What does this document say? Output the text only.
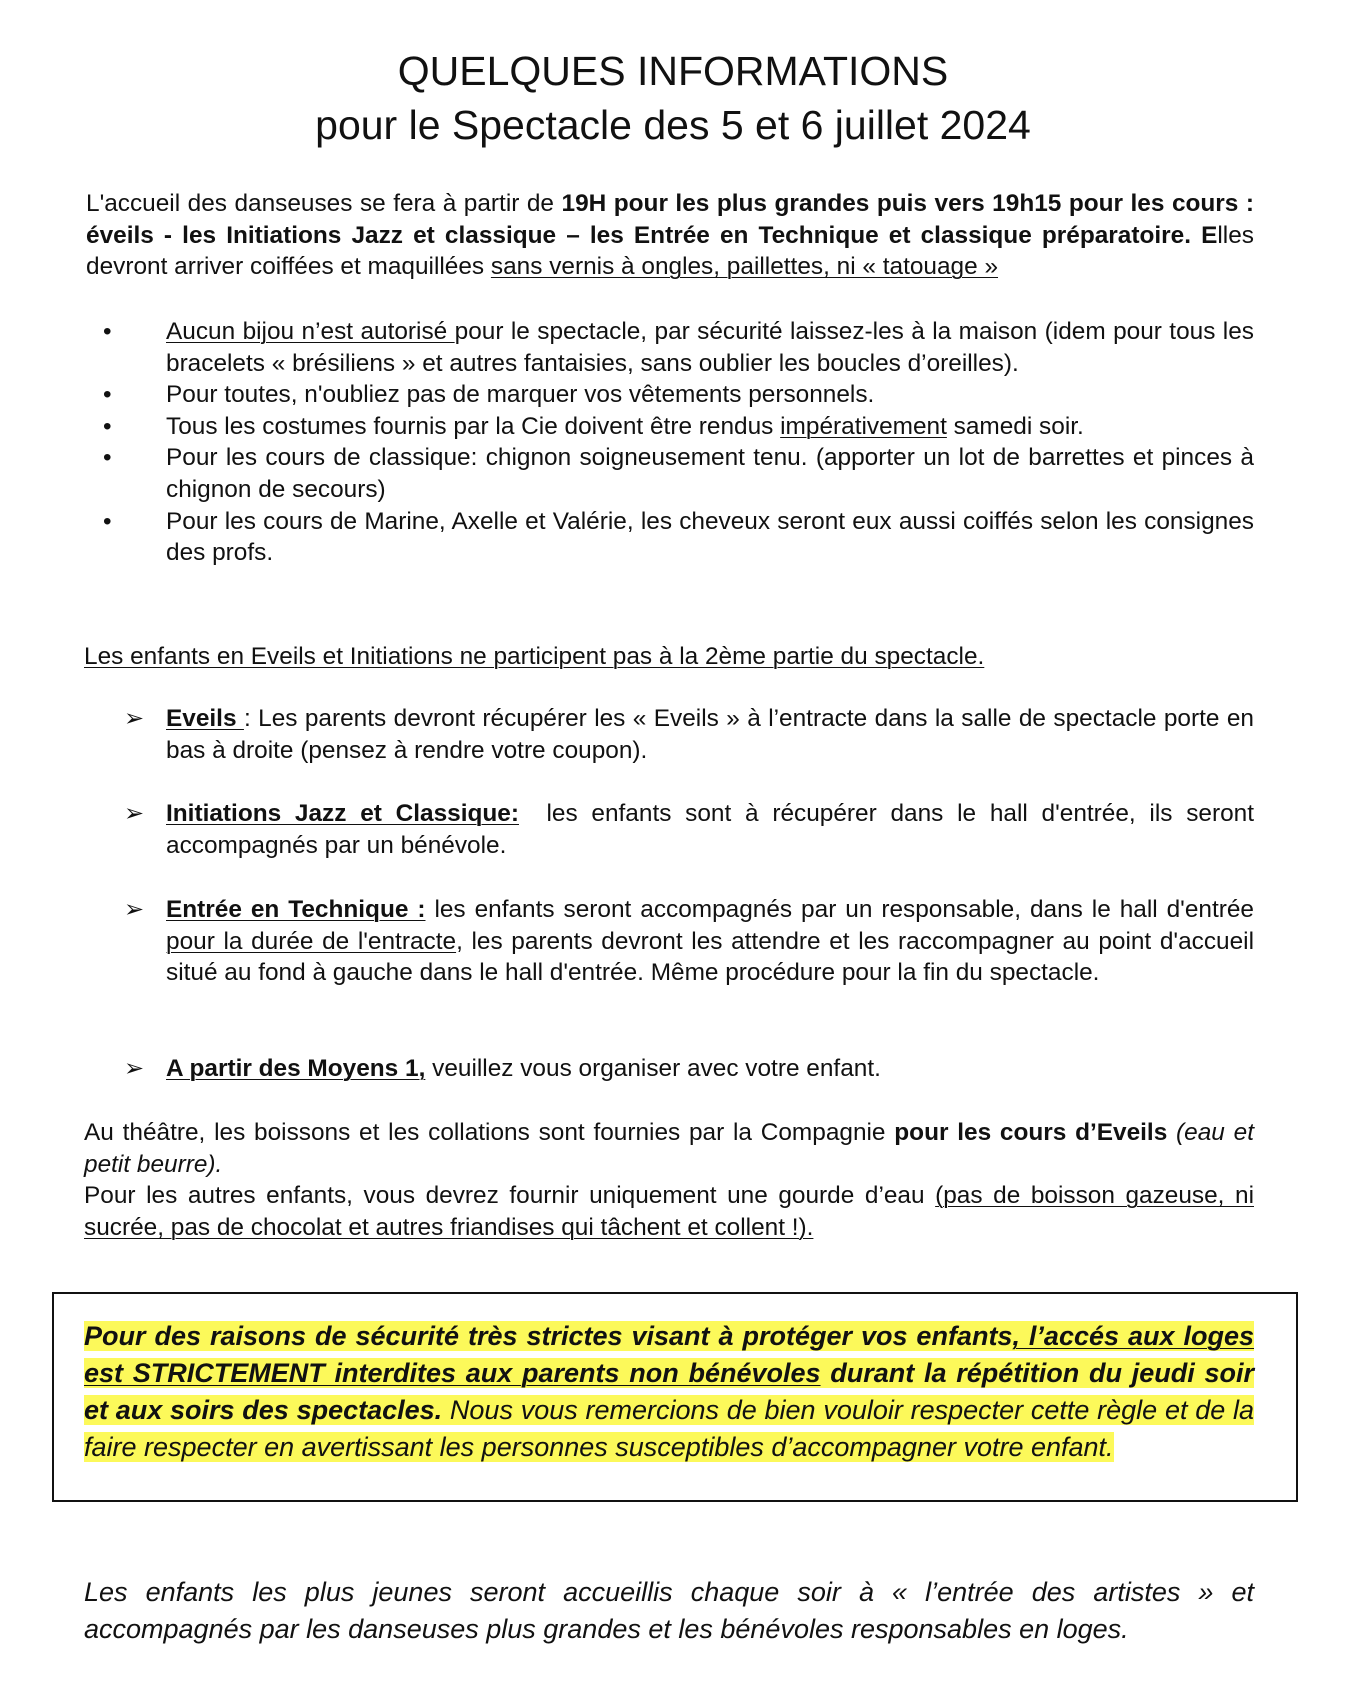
QUELQUES INFORMATIONS
pour le Spectacle des 5 et 6 juillet 2024

L'accueil des danseuses se fera à partir de 19H pour les plus grandes puis vers 19h15 pour les cours : éveils - les Initiations Jazz et classique – les Entrée en Technique et classique préparatoire. Elles devront arriver coiffées et maquillées sans vernis à ongles, paillettes, ni « tatouage »

• Aucun bijou n’est autorisé pour le spectacle, par sécurité laissez-les à la maison (idem pour tous les bracelets « brésiliens » et autres fantaisies, sans oublier les boucles d’oreilles).
• Pour toutes, n'oubliez pas de marquer vos vêtements personnels.
• Tous les costumes fournis par la Cie doivent être rendus impérativement samedi soir.
• Pour les cours de classique: chignon soigneusement tenu. (apporter un lot de barrettes et pinces à chignon de secours)
• Pour les cours de Marine, Axelle et Valérie, les cheveux seront eux aussi coiffés selon les consignes des profs.
Les enfants en Eveils et Initiations ne participent pas à la 2ème partie du spectacle.
➢ Eveils : Les parents devront récupérer les « Eveils » à l’entracte dans la salle de spectacle porte en bas à droite (pensez à rendre votre coupon).

➢ Initiations Jazz et Classique:  les enfants sont à récupérer dans le hall d'entrée, ils seront accompagnés par un bénévole.

➢ Entrée en Technique : les enfants seront accompagnés par un responsable, dans le hall d'entrée pour la durée de l'entracte, les parents devront les attendre et les raccompagner au point d'accueil situé au fond à gauche dans le hall d'entrée. Même procédure pour la fin du spectacle.

➢ A partir des Moyens 1, veuillez vous organiser avec votre enfant.

Au théâtre, les boissons et les collations sont fournies par la Compagnie pour les cours d’Eveils (eau et petit beurre).
Pour les autres enfants, vous devrez fournir uniquement une gourde d’eau (pas de boisson gazeuse, ni sucrée, pas de chocolat et autres friandises qui tâchent et collent !).

Pour des raisons de sécurité très strictes visant à protéger vos enfants, l’accés aux loges est STRICTEMENT interdites aux parents non bénévoles durant la répétition du jeudi soir et aux soirs des spectacles. Nous vous remercions de bien vouloir respecter cette règle et de la faire respecter en avertissant les personnes susceptibles d’accompagner votre enfant.

Les enfants les plus jeunes seront accueillis chaque soir à « l’entrée des artistes » et accompagnés par les danseuses plus grandes et les bénévoles responsables en loges.
